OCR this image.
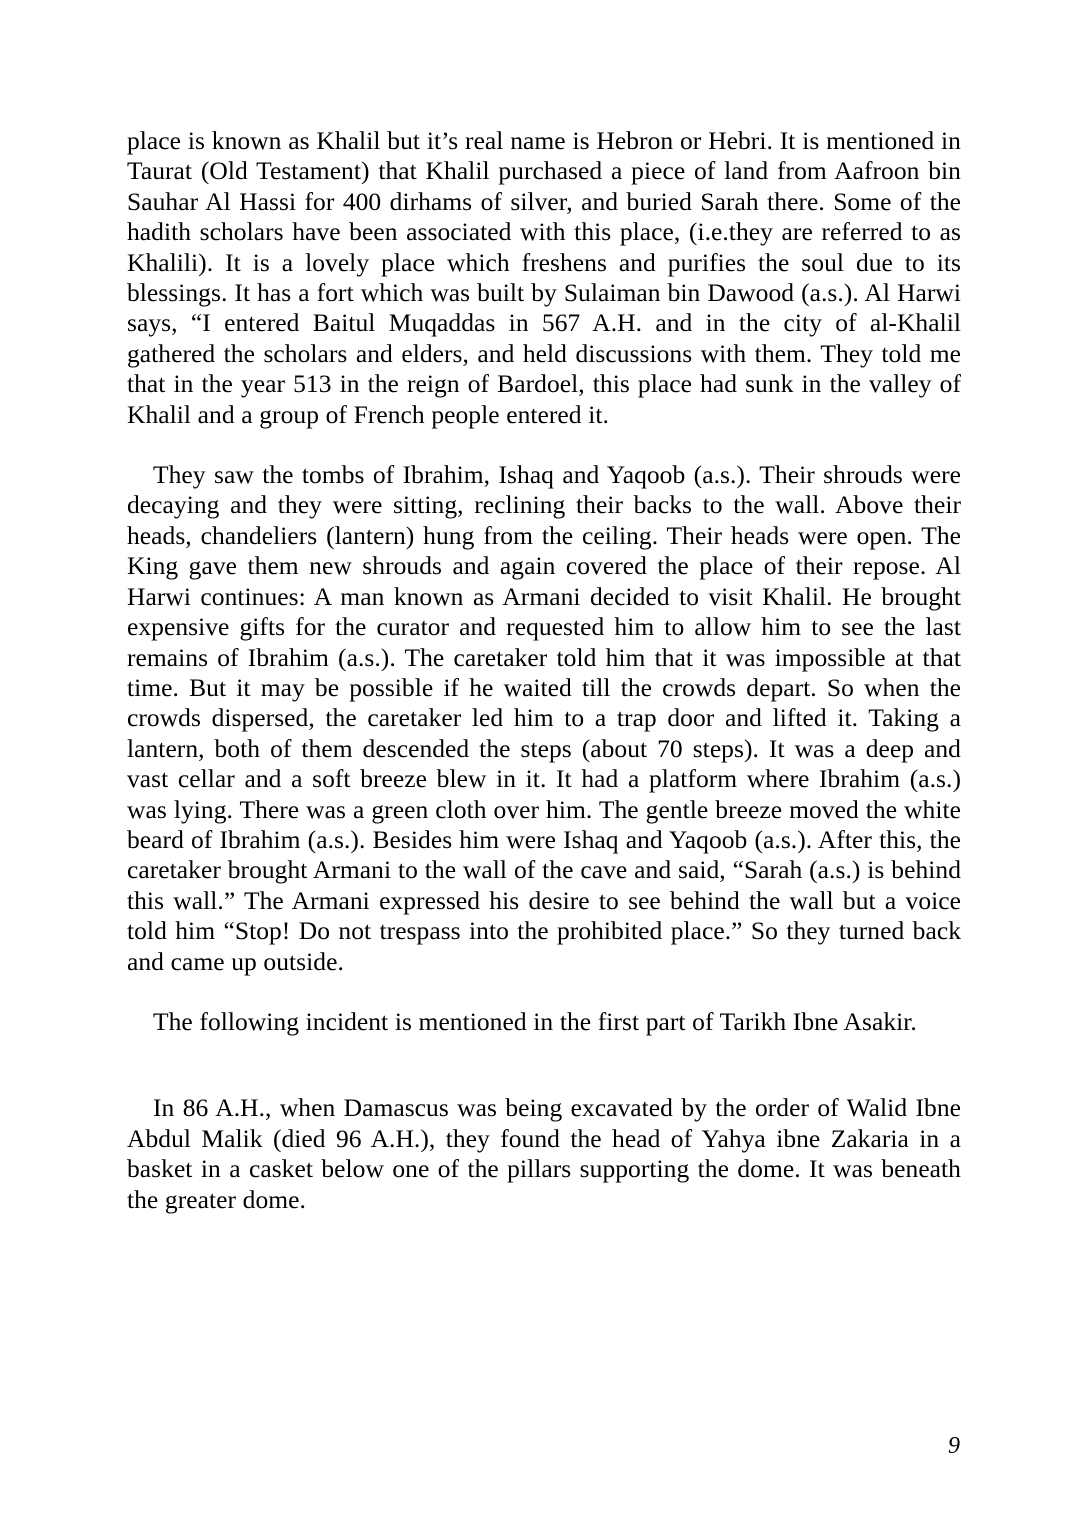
place is known as Khalil but it’s real name is Hebron or Hebri. It is mentioned in Taurat (Old Testament) that Khalil purchased a piece of land from Aafroon bin Sauhar Al Hassi for 400 dirhams of silver, and buried Sarah there. Some of the hadith scholars have been associated with this place, (i.e.they are referred to as Khalili). It is a lovely place which freshens and purifies the soul due to its blessings. It has a fort which was built by Sulaiman bin Dawood (a.s.). Al Harwi says, “I entered Baitul Muqaddas in 567 A.H. and in the city of al-Khalil gathered the scholars and elders, and held discussions with them. They told me that in the year 513 in the reign of Bardoel, this place had sunk in the valley of Khalil and a group of French people entered it.

They saw the tombs of Ibrahim, Ishaq and Yaqoob (a.s.). Their shrouds were decaying and they were sitting, reclining their backs to the wall. Above their heads, chandeliers (lantern) hung from the ceiling. Their heads were open. The King gave them new shrouds and again covered the place of their repose. Al Harwi continues: A man known as Armani decided to visit Khalil. He brought expensive gifts for the curator and requested him to allow him to see the last remains of Ibrahim (a.s.). The caretaker told him that it was impossible at that time. But it may be possible if he waited till the crowds depart. So when the crowds dispersed, the caretaker led him to a trap door and lifted it. Taking a lantern, both of them descended the steps (about 70 steps). It was a deep and vast cellar and a soft breeze blew in it. It had a platform where Ibrahim (a.s.) was lying. There was a green cloth over him. The gentle breeze moved the white beard of Ibrahim (a.s.). Besides him were Ishaq and Yaqoob (a.s.). After this, the caretaker brought Armani to the wall of the cave and said, “Sarah (a.s.) is behind this wall.” The Armani expressed his desire to see behind the wall but a voice told him “Stop! Do not trespass into the prohibited place.” So they turned back and came up outside.

The following incident is mentioned in the first part of Tarikh Ibne Asakir.

In 86 A.H., when Damascus was being excavated by the order of Walid Ibne Abdul Malik (died 96 A.H.), they found the head of Yahya ibne Zakaria in a basket in a casket below one of the pillars supporting the dome. It was beneath the greater dome.

9
